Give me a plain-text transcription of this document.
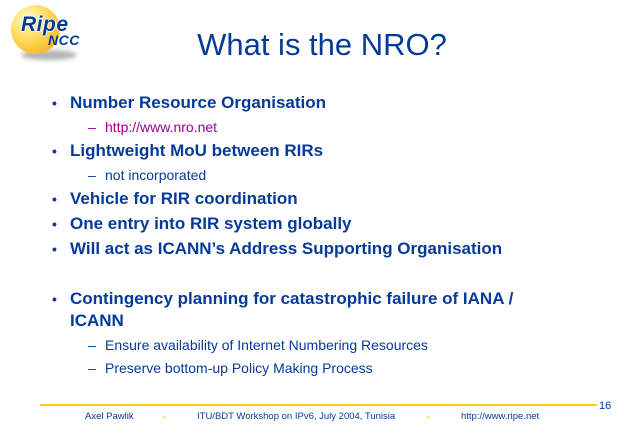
Ripe
NCC	What is the NRO?
• Number Resource Organisation
– http://www.nro.net
• Lightweight MoU between RIRs
– not incorporated
• Vehicle for RIR coordination
• One entry into RIR system globally
• Will act as ICANN’s Address Supporting Organisation
• Contingency planning for catastrophic failure of IANA / ICANN
– Ensure availability of Internet Numbering Resources
– Preserve bottom-up Policy Making Process
16
Axel Pawlik	.	ITU/BDT Workshop on IPv6, July 2004, Tunisia	.	http://www.ripe.net
